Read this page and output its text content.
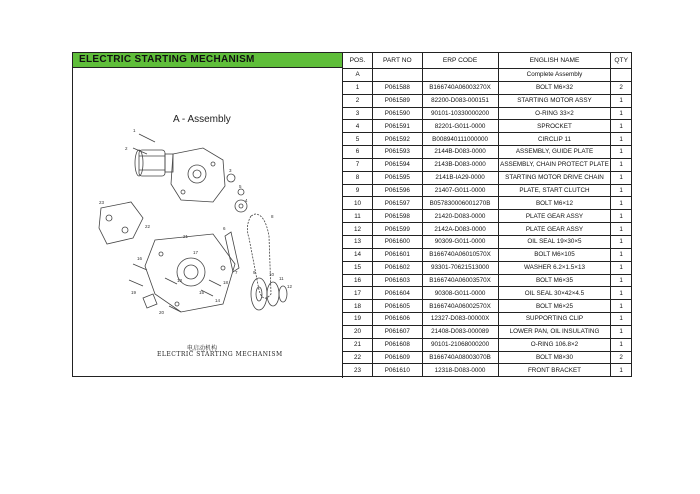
ELECTRIC STARTING MECHANISM
A - Assembly
1
2
3
5
4
6
8
7
23
22
21
16
19
20
14
18
15
17
13
9	10
11
12
电启动机构
ELECTRIC STARTING MECHANISM
POS.	PART NO	ERP CODE	ENGLISH NAME	QTY
A			Complete Assembly	
1	P061588	B166740A06003270X	BOLT M6×32	2
2	P061589	82200-D083-000151	STARTING MOTOR ASSY	1
3	P061590	90101-10330000200	O-RING 33×2	1
4	P061591	82201-G011-0000	SPROCKET	1
5	P061592	B008940111000000	CIRCLIP 11	1
6	P061593	2144B-D083-0000	ASSEMBLY, GUIDE PLATE	1
7	P061594	2143B-D083-0000	ASSEMBLY, CHAIN PROTECT PLATE	1
8	P061595	2141B-IA29-0000	STARTING MOTOR DRIVE CHAIN	1
9	P061596	21407-G011-0000	PLATE, START CLUTCH	1
10	P061597	B057830006001270B	BOLT M6×12	1
11	P061598	21420-D083-0000	PLATE GEAR ASSY	1
12	P061599	2142A-D083-0000	PLATE GEAR ASSY	1
13	P061600	90309-G011-0000	OIL SEAL 19×30×5	1
14	P061601	B166740A06010570X	BOLT M6×105	1
15	P061602	93301-70621513000	WASHER 6.2×1.5×13	1
16	P061603	B166740A06003570X	BOLT M6×35	1
17	P061604	90308-G011-0000	OIL SEAL 30×42×4.5	1
18	P061605	B166740A06002570X	BOLT M6×25	1
19	P061606	12327-D083-00000X	SUPPORTING CLIP	1
20	P061607	21408-D083-000089	LOWER PAN, OIL INSULATING	1
21	P061608	90101-21068000200	O-RING 106.8×2	1
22	P061609	B166740A08003070B	BOLT M8×30	2
23	P061610	12318-D083-0000	FRONT BRACKET	1
